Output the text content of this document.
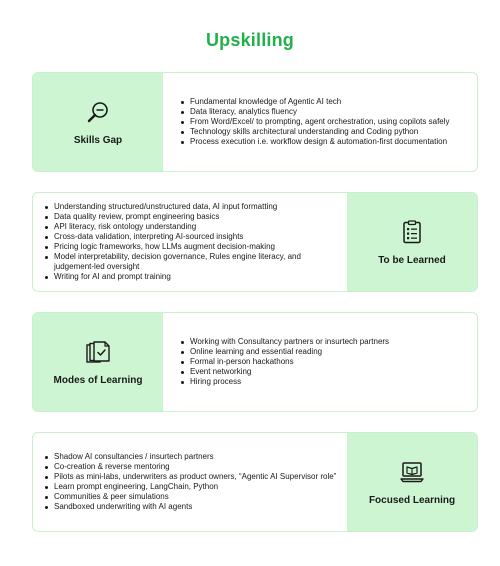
Upskilling
Skills Gap
Fundamental knowledge of Agentic AI tech
Data literacy, analytics fluency
From Word/Excel/ to prompting, agent orchestration, using copilots safely
Technology skills architectural understanding and Coding python
Process execution i.e. workflow design & automation-first documentation
Understanding structured/unstructured data, AI input formatting
Data quality review, prompt engineering basics
API literacy, risk ontology understanding
Cross-data validation, interpreting AI-sourced insights
Pricing logic frameworks, how LLMs augment decision-making
Model interpretability, decision governance, Rules engine literacy, and judgement-led oversight
Writing for AI and prompt training
To be Learned
Modes of Learning
Working with Consultancy partners or insurtech partners
Online learning and essential reading
Formal in-person hackathons
Event networking
Hiring process
Shadow AI consultancies / insurtech partners
Co-creation & reverse mentoring
Pilots as mini-labs, underwriters as product owners, “Agentic AI Supervisor role”
Learn prompt engineering, LangChain, Python
Communities & peer simulations
Sandboxed underwriting with AI agents
Focused Learning
